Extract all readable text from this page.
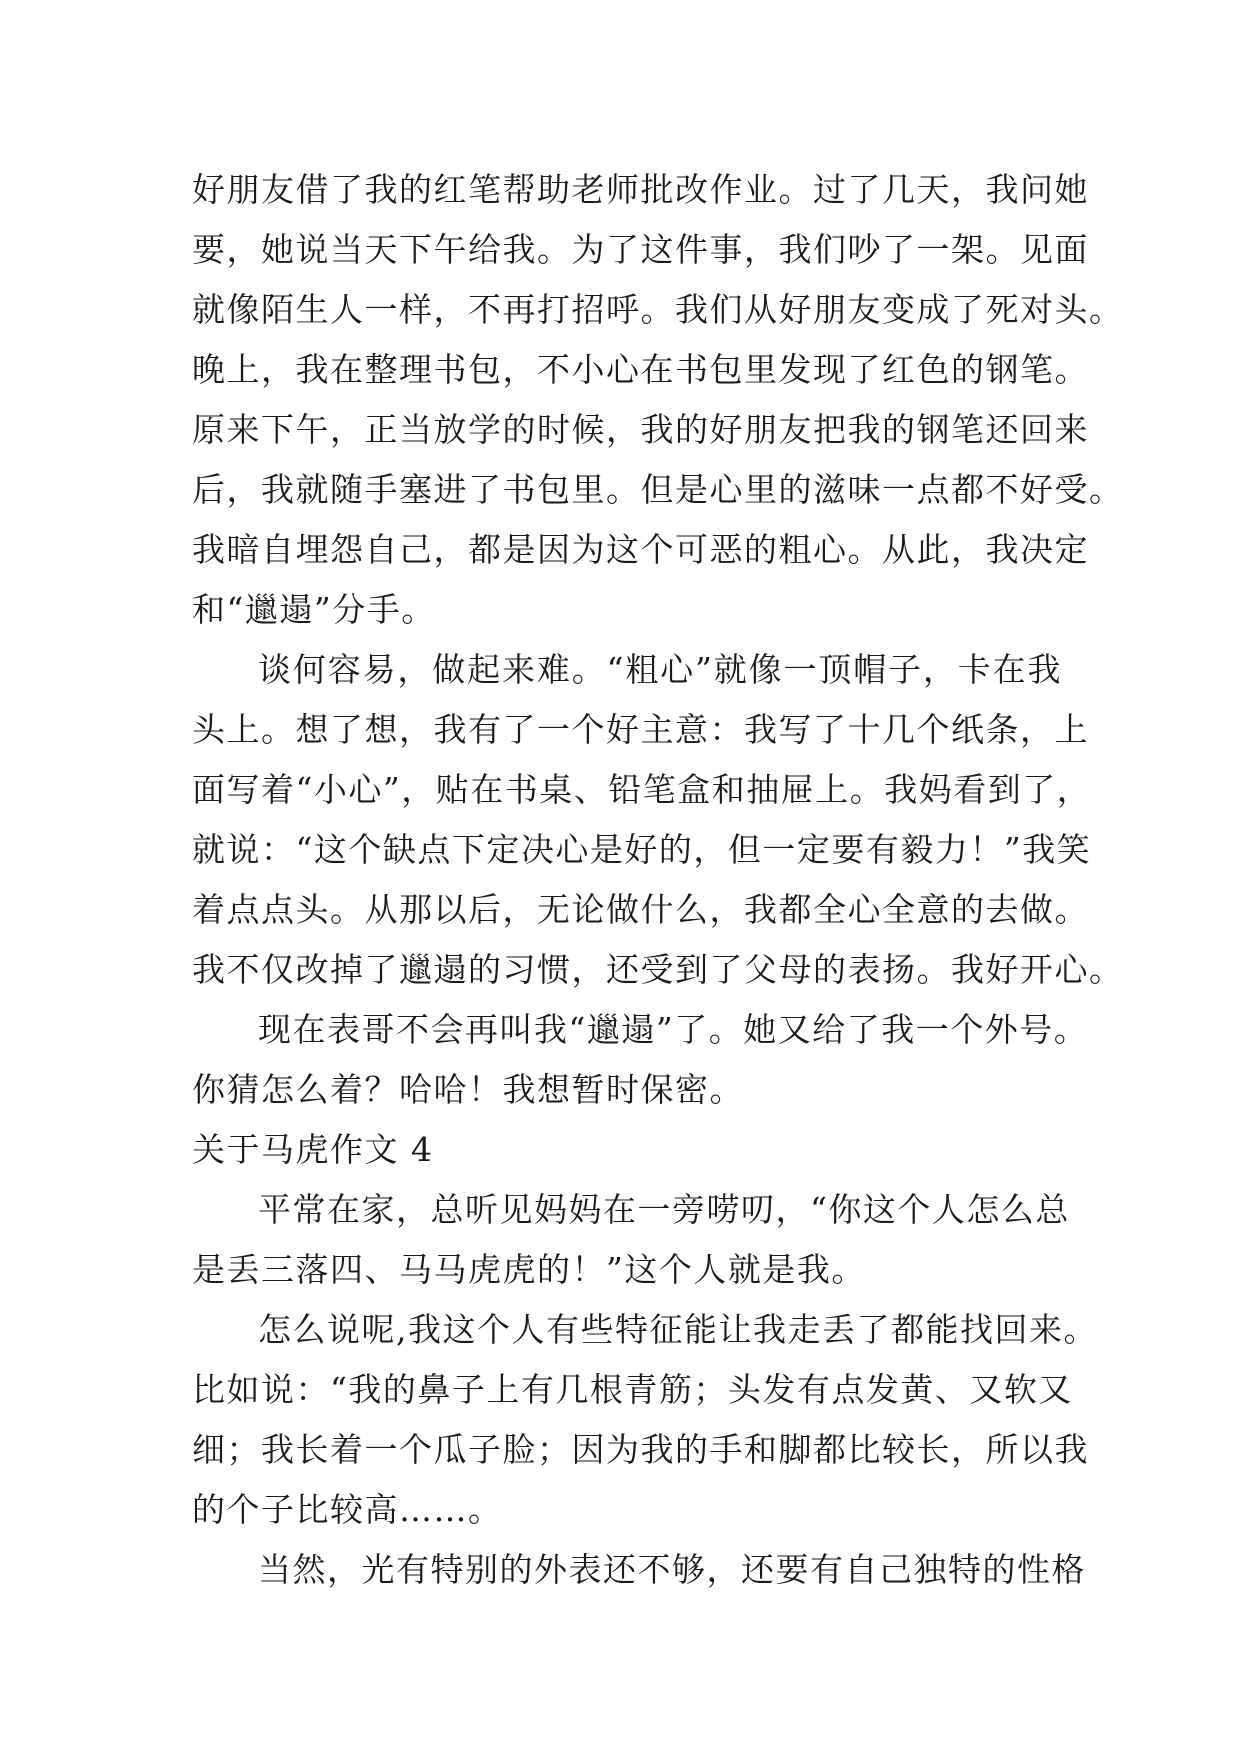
好朋友借了我的红笔帮助老师批改作业。过了几天，我问她
要，她说当天下午给我。为了这件事，我们吵了一架。见面
就像陌生人一样，不再打招呼。我们从好朋友变成了死对头。
晚上，我在整理书包，不小心在书包里发现了红色的钢笔。
原来下午，正当放学的时候，我的好朋友把我的钢笔还回来
后，我就随手塞进了书包里。但是心里的滋味一点都不好受。
我暗自埋怨自己，都是因为这个可恶的粗心。从此，我决定
和“邋遢”分手。
谈何容易，做起来难。“粗心”就像一顶帽子，卡在我
头上。想了想，我有了一个好主意：我写了十几个纸条，上
面写着“小心”，贴在书桌、铅笔盒和抽屉上。我妈看到了，
就说：“这个缺点下定决心是好的，但一定要有毅力！”我笑
着点点头。从那以后，无论做什么，我都全心全意的去做。
我不仅改掉了邋遢的习惯，还受到了父母的表扬。我好开心。
现在表哥不会再叫我“邋遢”了。她又给了我一个外号。
你猜怎么着？哈哈！我想暂时保密。
关于马虎作文 4
平常在家，总听见妈妈在一旁唠叨，“你这个人怎么总
是丢三落四、马马虎虎的！”这个人就是我。
怎么说呢,我这个人有些特征能让我走丢了都能找回来。
比如说：“我的鼻子上有几根青筋；头发有点发黄、又软又
细；我长着一个瓜子脸；因为我的手和脚都比较长，所以我
的个子比较高……。
当然，光有特别的外表还不够，还要有自己独特的性格
